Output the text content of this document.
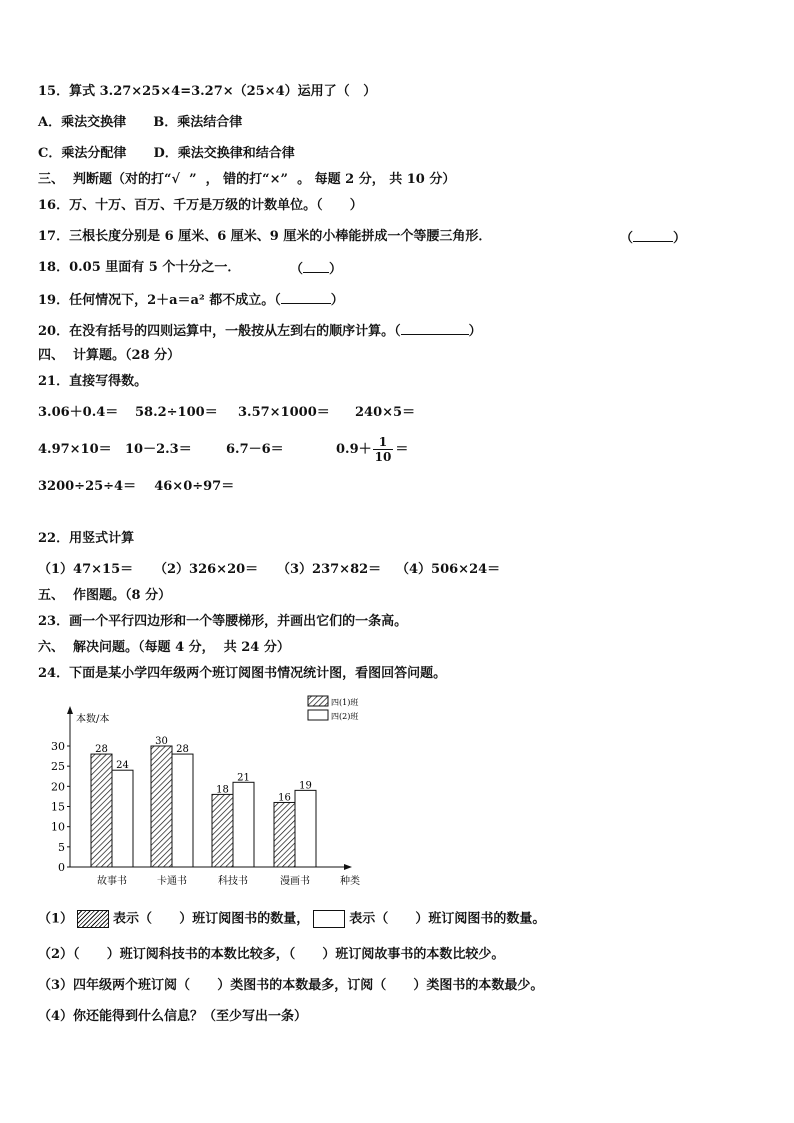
15．算式 3.27×25×4=3.27×（25×4）运用了（   ）
A．乘法交换律      B．乘法结合律
C．乘法分配律      D．乘法交换律和结合律
三、  判断题（对的打“√  ”  ， 错的打“×”  。 每题 2 分， 共 10 分）
16．万、十万、百万、千万是万级的计数单位。（      ）
17．三根长度分别是 6 厘米、6 厘米、9 厘米的小棒能拼成一个等腰三角形．	（	）
18．0.05 里面有 5 个十分之一．	（ ）
19．任何情况下，2＋a＝a² 都不成立。（	）
20．在没有括号的四则运算中，一般按从左到右的顺序计算。（	）
四、  计算题。（28 分）
21．直接写得数。
3.06＋0.4＝ 58.2÷100＝ 3.57×1000＝ 240×5＝
4.97×10＝ 10－2.3＝	6.7－6＝	$0.9+ \frac{1}{10}$ ＝
3200÷25÷4＝    46×0÷97＝
22．用竖式计算
（1）47×15＝ （2）326×20＝ （3）237×82＝ （4）506×24＝
五、  作图题。（8 分）
23．画一个平行四边形和一个等腰梯形，并画出它们的一条高。
六、  解决问题。（每题 4 分，  共 24 分）
24．下面是某小学四年级两个班订阅图书情况统计图，看图回答问题。
本数/本
种类
0
5
10
15
20
25
30	28
24
故事书
30
28
卡通书
18
21
科技书
16
19
漫画书
四(1)班
四(2)班
（1）	表示（      ）班订阅图书的数量，	表示（      ）班订阅图书的数量。
（2）（      ）班订阅科技书的本数比较多，（      ）班订阅故事书的本数比较少。
（3）四年级两个班订阅（      ）类图书的本数最多，订阅（      ）类图书的本数最少。
（4）你还能得到什么信息？（至少写出一条）
